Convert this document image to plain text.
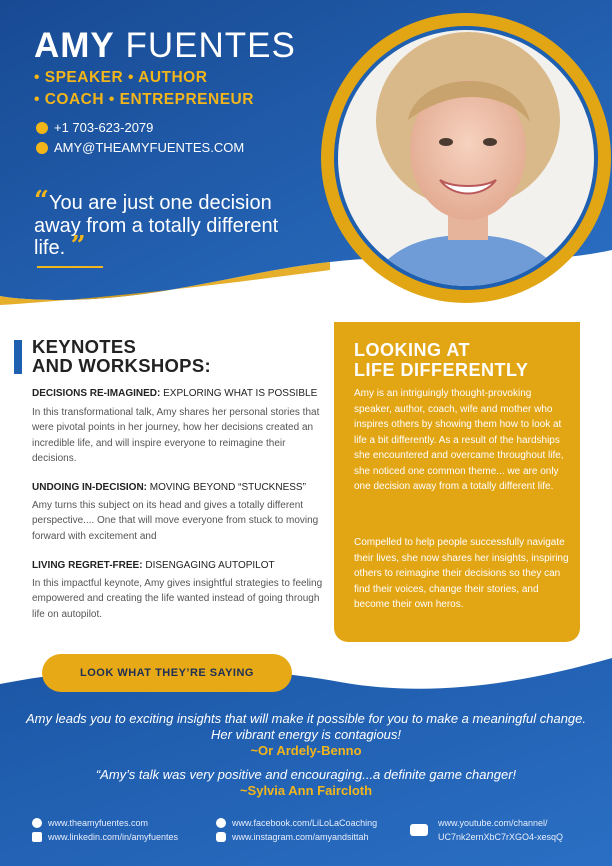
AMY FUENTES
• SPEAKER • AUTHOR
• COACH • ENTREPRENEUR
+1 703-623-2079
AMY@THEAMYFUENTES.COM
“You are just one decision away from a totally different life. ”
KEYNOTES
AND WORKSHOPS:
DECISIONS RE-IMAGINED: EXPLORING WHAT IS POSSIBLE
In this transformational talk, Amy shares her personal stories that were pivotal points in her journey, how her decisions created an incredible life, and will inspire everyone to reimagine their decisions.
UNDOING IN-DECISION: MOVING BEYOND “STUCKNESS”
Amy turns this subject on its head and gives a totally different perspective.... One that will move everyone from stuck to moving forward with excitement and
LIVING REGRET-FREE: DISENGAGING AUTOPILOT
In this impactful keynote, Amy gives insightful strategies to feeling empowered and creating the life wanted instead of going through life on autopilot.
LOOKING AT
LIFE DIFFERENTLY
Amy is an intriguingly thought-provoking speaker, author, coach, wife and mother who inspires others by showing them how to look at life a bit differently. As a result of the hardships she encountered and overcame throughout life, she noticed one common theme... we are only one decision away from a totally different life.
Compelled to help people successfully navigate their lives, she now shares her insights, inspiring others to reimagine their decisions so they can find their voices, change their stories, and become their own heros.
LOOK WHAT THEY’RE SAYING
Amy leads you to exciting insights that will make it possible for you to make a meaningful change. Her vibrant energy is contagious!
~Or Ardely-Benno
“Amy’s talk was very positive and encouraging...a definite game changer!
~Sylvia Ann Faircloth
www.theamyfuentes.com
www.linkedin.com/in/amyfuentes
www.facebook.com/LiLoLaCoaching
www.instagram.com/amyandsittah
www.youtube.com/channel/
UC7nk2ernXbC7rXGO4-xesqQ
